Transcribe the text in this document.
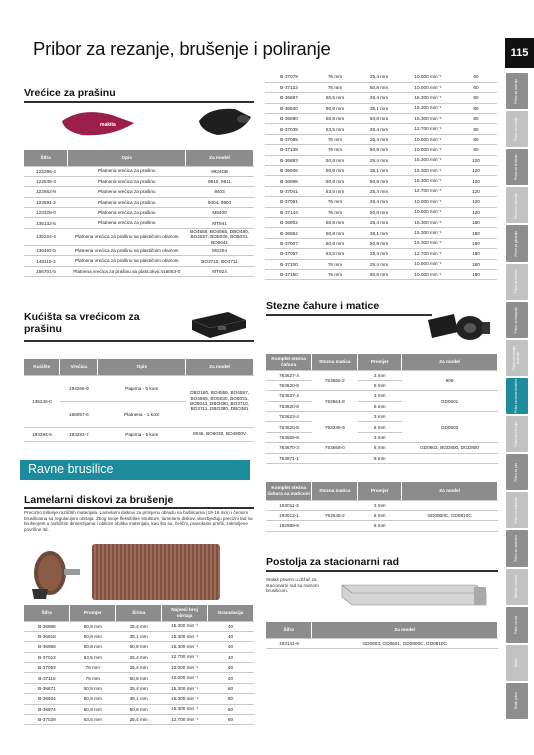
Pribor za rezanje, brušenje i poliranje	115
Vrećice za prašinu
makita
Šifra	Opis	Za model
122296-4	Platnena vrećica za prašinu	9924DB
122549-3	Platnena vrećica za prašinu	9910, 9911
122562-8	Platnena vrećica za prašinu	9403
122591-2	Platnena vrećica za prašinu	9404, 9903
123328-0	Platnena vrećica za prašinu	M9400
135132-5	Platnena vrećica za prašinu	MT941
135224-4	Platnena vrećica za prašinu sa plastičnim okvirom	BO4555, BO4565, DBO480, BO4557, BO5030, BO5031, BO5041
136492-5	Platnena vrećica za prašinu sa plastičnim okvirom	MS204
149115-2	Platnena vrećica za prašinu sa plastičnim okvirom	BO3710, BO3711
166701-5	Platnena vrećica za prašinu sa plast.okvir.416063-0	MT924
Kućišta sa vrećicom za
prašinu
Kućište	Vrećica	Opis	Za model
135246-0	194266-9	Papirna - 5 kom	DBO180, BO4555, BO4557, BO4565, BO5030, BO5031, BO5041, DBO480, BO3710, BO3711, DBO380, DBO381
	166057-6	Platnena - 1 kom	
193294-5	193293-7	Papirna - 5 kom	8046, BO6030, BO4900V
Ravne brusilice
Lamelarni diskovi za brušenje
Precizno trišenje različitih materijala. Lamelarni diskovi za primjenu obradu sa bušilicama (19-16 mm) i čeonim brusilicama sa regulacijom obrtaja. Zbog svoje fleksibilne strukture, lamelarni diskovi obezbjeđuju precizni tad sa brušenjem u različitim dimenzijama i oblicim obilika materijala, kao što su: čelični, pravokutni profili, zakrivljene površine itd.
Šifra	Promjer	Širina	Najveći broj obrtaja	Granulacija
B-36865	50,8 mm	25,4 mm	15.300 min⁻¹	40
B-36918	50,8 mm	38,1 mm	15.300 min⁻¹	40
B-36968	50,8 mm	50,8 mm	15.300 min⁻¹	40
B-37013	63,5 mm	25,4 mm	12.700 min⁻¹	40
B-37063	76 mm	25,4 mm	10.000 min⁻¹	40
B-37116	76 mm	50,8 mm	10.000 min⁻¹	40
B-36871	50,5 mm	25,4 mm	15.300 min⁻¹	60
B-36924	50,8 mm	38,1 mm	15.300 min⁻¹	60
B-36974	50,8 mm	50,8 mm	15.300 min⁻¹	60
B-37029	63,5 mm	25,4 mm	12.700 min⁻¹	60
B-37079	76 mm	25,4 mm	10.000 min⁻¹	60
B-37122	76 mm	50,8 mm	10.000 min⁻¹	60
B-36887	50,5 mm	25,4 mm	15.300 min⁻¹	80
B-36930	50,8 mm	38,1 mm	15.300 min⁻¹	80
B-36980	50,8 mm	50,8 mm	15.300 min⁻¹	80
B-37035	63,5 mm	25,4 mm	12.700 min⁻¹	80
B-37085	76 mm	25,4 mm	10.000 min⁻¹	80
B-37138	76 mm	50,8 mm	10.000 min⁻¹	80
B-36893	50,8 mm	25,4 mm	15.300 min⁻¹	120
B-36946	50,8 mm	38,1 mm	15.300 min⁻¹	120
B-36996	50,8 mm	50,8 mm	15.300 min⁻¹	120
B-37041	63,5 mm	25,4 mm	12.700 min⁻¹	120
B-37091	76 mm	25,4 mm	10.000 min⁻¹	120
B-37144	76 mm	50,8 mm	10.000 min⁻¹	120
B-36902	50,8 mm	25,4 mm	15.300 min⁻¹	180
B-36952	50,8 mm	38,1 mm	15.300 min⁻¹	180
B-37007	50,8 mm	50,8 mm	15.300 min⁻¹	180
B-37057	63,5 mm	25,4 mm	12.700 min⁻¹	180
B-37100	76 mm	25,4 mm	10.000 min⁻¹	180
B-37150	76 mm	50,8 mm	10.000 min⁻¹	180
Stezne čahure i matice
Komplet stezna čahura	Stezna matica	Promjer	Za model
763627-4	763666-2	3 mm	906
763620-8		6 mm	
763627-4	763664-8	3 mm	GD0601
763620-8		6 mm	
763623-4	763236-9	3 mm	GD0603
763620-8		6 mm	
763669-8		3 mm	
763670-3	763668-0	6 mm	GD0602, BGD800, DGD800
763671-1		8 mm	
Komplet stezna čahura sa maticom	Stezna matica	Promjer	Za model
193011-3		3 mm	
193012-1	763645-2	6 mm	GD0800C, GD0810C
192989-9		6 mm	
Postolja za stacionarni rad
Stalak pravno u držač za stacionarni rad sa ravnom brusilicom.
Šifra	Za model
193141-9	GD0603, GD0601, GD0800C, GD0810C
Pribor za bušenje
Pribor za rezanje
Pribor za brušenje
Pribor za poliranje
Pribor za glodanje
Pribor za testere
Pribor za blanjanje
Pribor za rezanje, brušenje
Pribor za ravne brusilice
Pribor za čišćenje
Pribor za pile
Pribor za vrtlarstvo
Pribor za usisivače
Baterije i punjači
Pribor za rad
Ostalo
Ostali pribor
